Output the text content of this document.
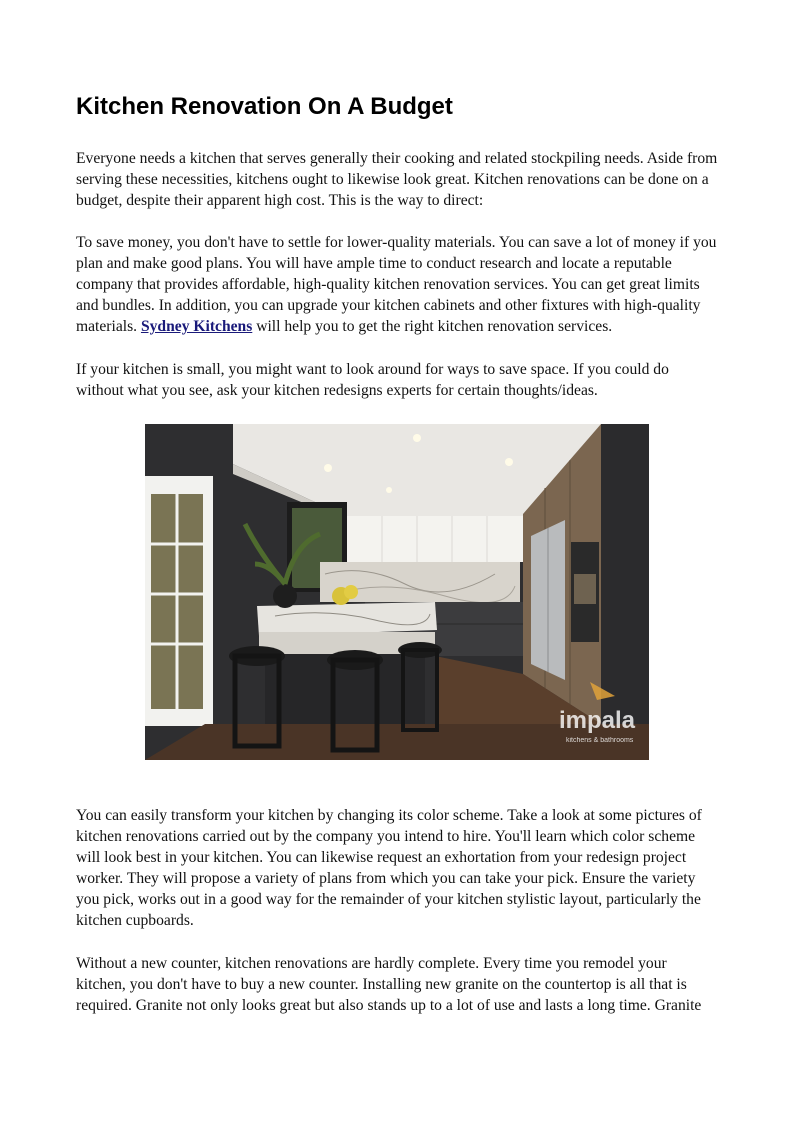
Kitchen Renovation On A Budget

Everyone needs a kitchen that serves generally their cooking and related stockpiling needs. Aside from serving these necessities, kitchens ought to likewise look great. Kitchen renovations can be done on a budget, despite their apparent high cost. This is the way to direct:

To save money, you don't have to settle for lower-quality materials. You can save a lot of money if you plan and make good plans. You will have ample time to conduct research and locate a reputable company that provides affordable, high-quality kitchen renovation services. You can get great limits and bundles. In addition, you can upgrade your kitchen cabinets and other fixtures with high-quality materials. Sydney Kitchens will help you to get the right kitchen renovation services.

If your kitchen is small, you might want to look around for ways to save space. If you could do without what you see, ask your kitchen redesigns experts for certain thoughts/ideas.

impala
kitchens & bathrooms

You can easily transform your kitchen by changing its color scheme. Take a look at some pictures of kitchen renovations carried out by the company you intend to hire. You'll learn which color scheme will look best in your kitchen. You can likewise request an exhortation from your redesign project worker. They will propose a variety of plans from which you can take your pick. Ensure the variety you pick, works out in a good way for the remainder of your kitchen stylistic layout, particularly the kitchen cupboards.

Without a new counter, kitchen renovations are hardly complete. Every time you remodel your kitchen, you don't have to buy a new counter. Installing new granite on the countertop is all that is required. Granite not only looks great but also stands up to a lot of use and lasts a long time. Granite
